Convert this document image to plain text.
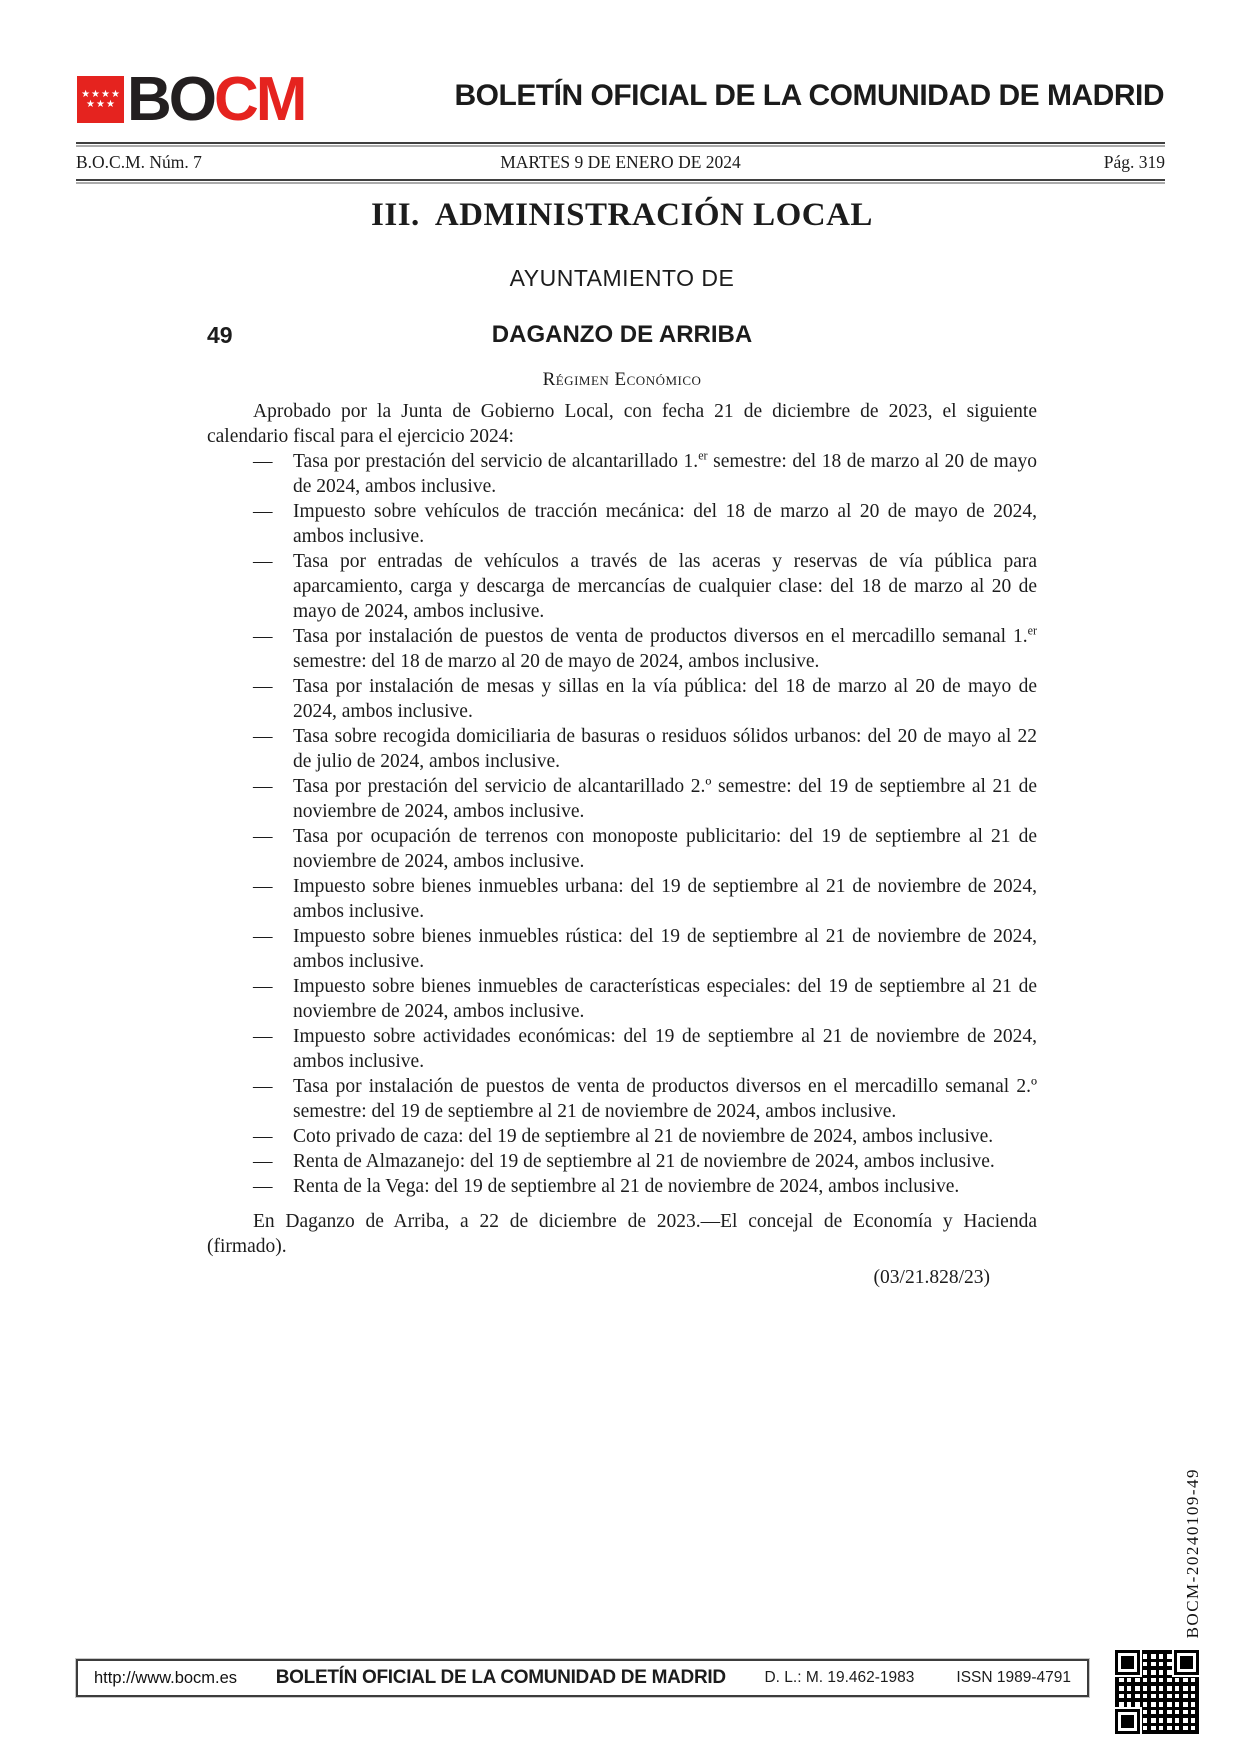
★★★★
★★★ BOCM	BOLETÍN OFICIAL DE LA COMUNIDAD DE MADRID
B.O.C.M. Núm. 7	MARTES 9 DE ENERO DE 2024	Pág. 319
III. ADMINISTRACIÓN LOCAL
AYUNTAMIENTO DE
49	DAGANZO DE ARRIBA
Régimen Económico

Aprobado por la Junta de Gobierno Local, con fecha 21 de diciembre de 2023, el siguiente calendario fiscal para el ejercicio 2024:

— Tasa por prestación del servicio de alcantarillado 1.$^{er}$ semestre: del 18 de marzo al 20 de mayo de 2024, ambos inclusive.
— Impuesto sobre vehículos de tracción mecánica: del 18 de marzo al 20 de mayo de 2024, ambos inclusive.
— Tasa por entradas de vehículos a través de las aceras y reservas de vía pública para aparcamiento, carga y descarga de mercancías de cualquier clase: del 18 de marzo al 20 de mayo de 2024, ambos inclusive.
— Tasa por instalación de puestos de venta de productos diversos en el mercadillo semanal 1.$^{er}$ semestre: del 18 de marzo al 20 de mayo de 2024, ambos inclusive.
— Tasa por instalación de mesas y sillas en la vía pública: del 18 de marzo al 20 de mayo de 2024, ambos inclusive.
— Tasa sobre recogida domiciliaria de basuras o residuos sólidos urbanos: del 20 de mayo al 22 de julio de 2024, ambos inclusive.
— Tasa por prestación del servicio de alcantarillado 2.º semestre: del 19 de septiembre al 21 de noviembre de 2024, ambos inclusive.
— Tasa por ocupación de terrenos con monoposte publicitario: del 19 de septiembre al 21 de noviembre de 2024, ambos inclusive.
— Impuesto sobre bienes inmuebles urbana: del 19 de septiembre al 21 de noviembre de 2024, ambos inclusive.
— Impuesto sobre bienes inmuebles rústica: del 19 de septiembre al 21 de noviembre de 2024, ambos inclusive.
— Impuesto sobre bienes inmuebles de características especiales: del 19 de septiembre al 21 de noviembre de 2024, ambos inclusive.
— Impuesto sobre actividades económicas: del 19 de septiembre al 21 de noviembre de 2024, ambos inclusive.
— Tasa por instalación de puestos de venta de productos diversos en el mercadillo semanal 2.º semestre: del 19 de septiembre al 21 de noviembre de 2024, ambos inclusive.
— Coto privado de caza: del 19 de septiembre al 21 de noviembre de 2024, ambos inclusive.
— Renta de Almazanejo: del 19 de septiembre al 21 de noviembre de 2024, ambos inclusive.
— Renta de la Vega: del 19 de septiembre al 21 de noviembre de 2024, ambos inclusive.

En Daganzo de Arriba, a 22 de diciembre de 2023.—El concejal de Economía y Hacienda (firmado).

(03/21.828/23)

BOCM-20240109-49
http://www.bocm.es	BOLETÍN OFICIAL DE LA COMUNIDAD DE MADRID	D. L.: M. 19.462-1983	ISSN 1989-4791
